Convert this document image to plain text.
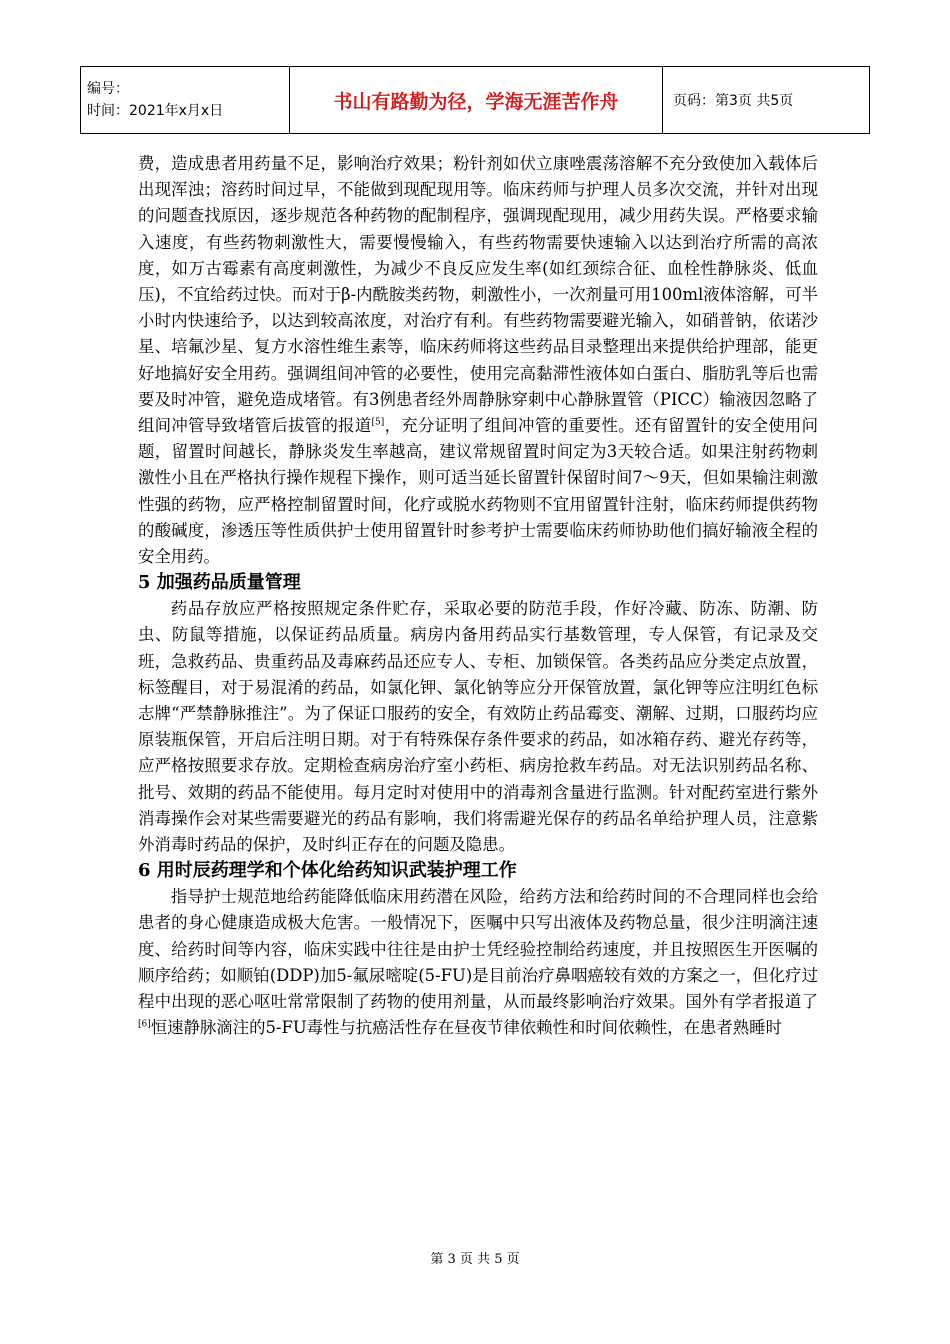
编号：
时间：2021年x月x日	书山有路勤为径，学海无涯苦作舟	页码：第3页 共5页

费，造成患者用药量不足，影响治疗效果；粉针剂如伏立康唑震荡溶解不充分致使加入载体后出现浑浊；溶药时间过早，不能做到现配现用等。临床药师与护理人员多次交流，并针对出现的问题查找原因，逐步规范各种药物的配制程序，强调现配现用，减少用药失误。严格要求输入速度，有些药物刺激性大，需要慢慢输入，有些药物需要快速输入以达到治疗所需的高浓度，如万古霉素有高度刺激性，为减少不良反应发生率(如红颈综合征、血栓性静脉炎、低血压)，不宜给药过快。而对于β-内酰胺类药物，刺激性小，一次剂量可用100ml液体溶解，可半小时内快速给予，以达到较高浓度，对治疗有利。有些药物需要避光输入，如硝普钠，依诺沙星、培氟沙星、复方水溶性维生素等，临床药师将这些药品目录整理出来提供给护理部，能更好地搞好安全用药。强调组间冲管的必要性，使用完高黏滞性液体如白蛋白、脂肪乳等后也需要及时冲管，避免造成堵管。有3例患者经外周静脉穿刺中心静脉置管（PICC）输液因忽略了组间冲管导致堵管后拔管的报道[5]，充分证明了组间冲管的重要性。还有留置针的安全使用问题，留置时间越长，静脉炎发生率越高，建议常规留置时间定为3天较合适。如果注射药物刺激性小且在严格执行操作规程下操作，则可适当延长留置针保留时间7～9天，但如果输注刺激性强的药物，应严格控制留置时间，化疗或脱水药物则不宜用留置针注射，临床药师提供药物的酸碱度，渗透压等性质供护士使用留置针时参考护士需要临床药师协助他们搞好输液全程的安全用药。

5 加强药品质量管理

药品存放应严格按照规定条件贮存，采取必要的防范手段，作好冷藏、防冻、防潮、防虫、防鼠等措施，以保证药品质量。病房内备用药品实行基数管理，专人保管，有记录及交班，急救药品、贵重药品及毒麻药品还应专人、专柜、加锁保管。各类药品应分类定点放置，标签醒目，对于易混淆的药品，如氯化钾、氯化钠等应分开保管放置，氯化钾等应注明红色标志牌“严禁静脉推注”。为了保证口服药的安全，有效防止药品霉变、潮解、过期，口服药均应原装瓶保管，开启后注明日期。对于有特殊保存条件要求的药品，如冰箱存药、避光存药等，应严格按照要求存放。定期检查病房治疗室小药柜、病房抢救车药品。对无法识别药品名称、批号、效期的药品不能使用。每月定时对使用中的消毒剂含量进行监测。针对配药室进行紫外消毒操作会对某些需要避光的药品有影响，我们将需避光保存的药品名单给护理人员，注意紫外消毒时药品的保护，及时纠正存在的问题及隐患。

6 用时辰药理学和个体化给药知识武装护理工作

指导护士规范地给药能降低临床用药潜在风险，给药方法和给药时间的不合理同样也会给患者的身心健康造成极大危害。一般情况下，医嘱中只写出液体及药物总量，很少注明滴注速度、给药时间等内容，临床实践中往往是由护士凭经验控制给药速度，并且按照医生开医嘱的顺序给药；如顺铂(DDP)加5-氟尿嘧啶(5-FU)是目前治疗鼻咽癌较有效的方案之一，但化疗过程中出现的恶心呕吐常常限制了药物的使用剂量，从而最终影响治疗效果。国外有学者报道了[6]恒速静脉滴注的5-FU毒性与抗癌活性存在昼夜节律依赖性和时间依赖性，在患者熟睡时

第 3 页 共 5 页
